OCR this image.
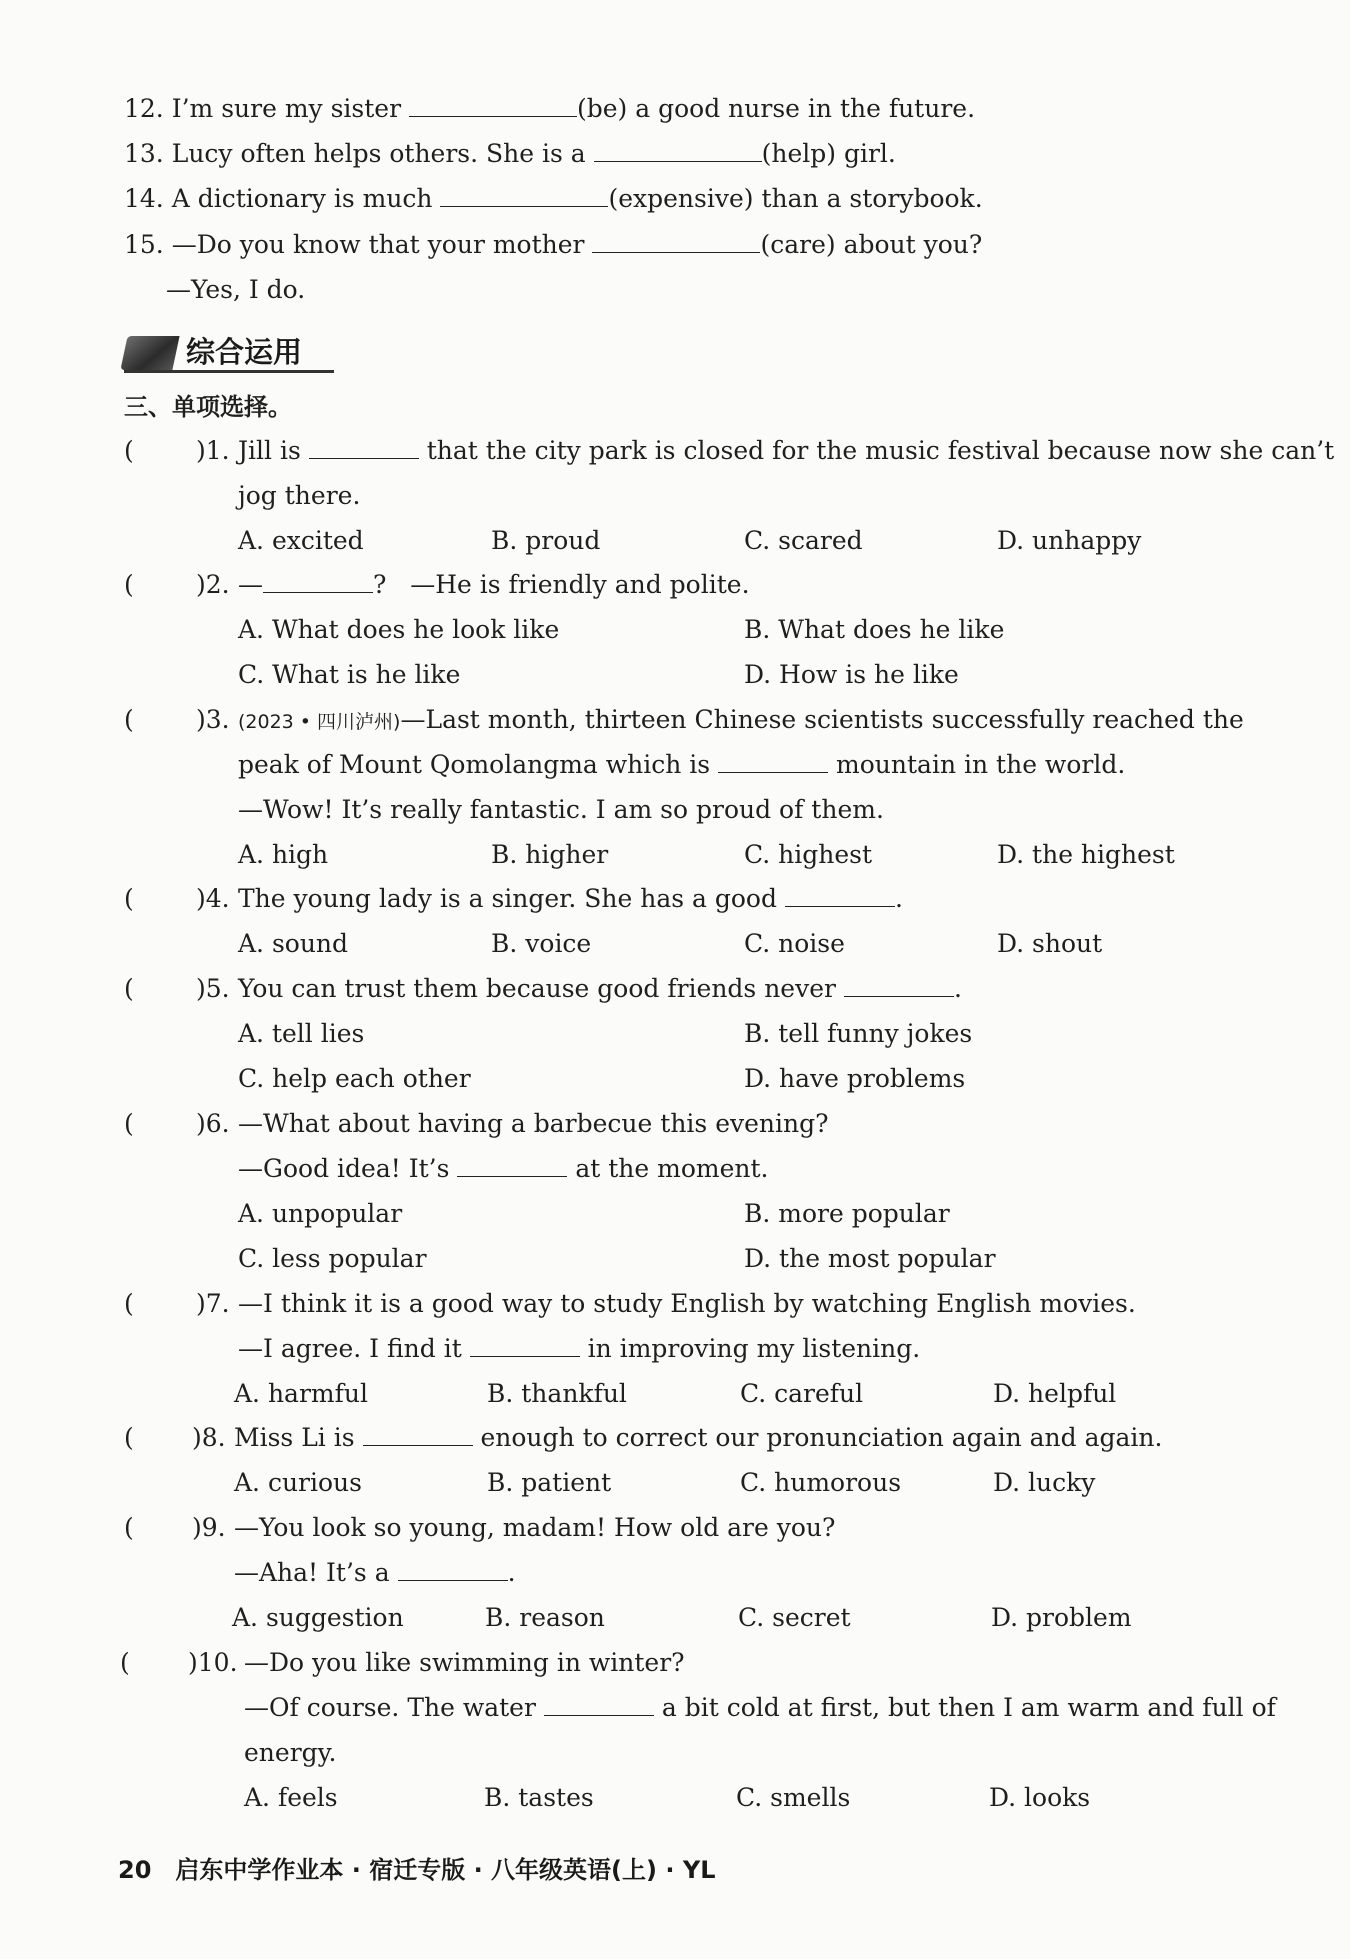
12. I’m sure my sister	(be) a good nurse in the future.
13. Lucy often helps others. She is a	(help) girl.
14. A dictionary is much	(expensive) than a storybook.
15. —Do you know that your mother	(care) about you?
—Yes, I do.
综合运用
三、单项选择。
( )1. Jill is	that the city park is closed for the music festival because now she can’t
jog there.
A. excited	B. proud	C. scared	D. unhappy
( )2. —	?   —He is friendly and polite.
A. What does he look like	B. What does he like
C. What is he like	D. How is he like
( )3. (2023 • 四川泸州)—Last month, thirteen Chinese scientists successfully reached the
peak of Mount Qomolangma which is	mountain in the world.
—Wow! It’s really fantastic. I am so proud of them.
A. high	B. higher	C. highest	D. the highest
( )4. The young lady is a singer. She has a good	.
A. sound	B. voice	C. noise	D. shout
( )5. You can trust them because good friends never	.
A. tell lies	B. tell funny jokes
C. help each other	D. have problems
( )6. —What about having a barbecue this evening?
—Good idea! It’s	at the moment.
A. unpopular	B. more popular
C. less popular	D. the most popular
( )7. —I think it is a good way to study English by watching English movies.
—I agree. I find it	in improving my listening.
A. harmful	B. thankful	C. careful	D. helpful
( )8. Miss Li is	enough to correct our pronunciation again and again.
A. curious	B. patient	C. humorous	D. lucky
( )9. —You look so young, madam! How old are you?
—Aha! It’s a	.
A. suggestion	B. reason	C. secret	D. problem
( )10. —Do you like swimming in winter?
—Of course. The water	a bit cold at first, but then I am warm and full of
energy.
A. feels	B. tastes	C. smells	D. looks
20 启东中学作业本 · 宿迁专版 · 八年级英语(上) · YL
